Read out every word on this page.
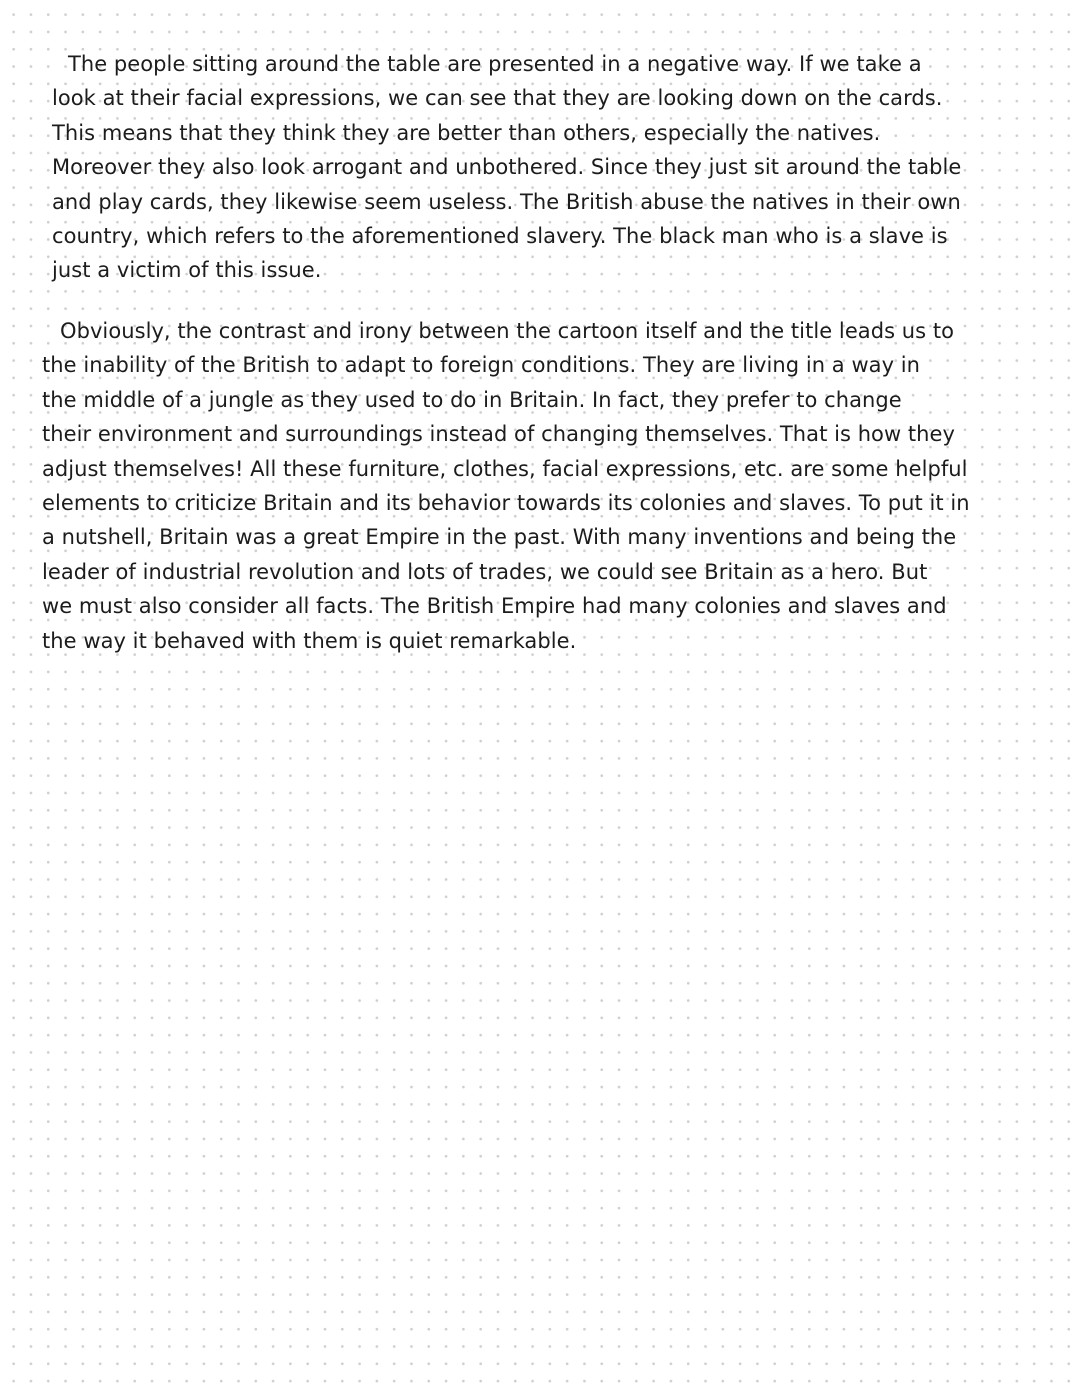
The people sitting around the table are presented in a negative way. If we take a
look at their facial expressions, we can see that they are looking down on the cards.
This means that they think they are better than others, especially the natives.
Moreover they also look arrogant and unbothered. Since they just sit around the table
and play cards, they likewise seem useless. The British abuse the natives in their own
country, which refers to the aforementioned slavery. The black man who is a slave is
just a victim of this issue.
Obviously, the contrast and irony between the cartoon itself and the title leads us to
the inability of the British to adapt to foreign conditions. They are living in a way in
the middle of a jungle as they used to do in Britain. In fact, they prefer to change
their environment and surroundings instead of changing themselves. That is how they
adjust themselves! All these furniture, clothes, facial expressions, etc. are some helpful
elements to criticize Britain and its behavior towards its colonies and slaves. To put it in
a nutshell, Britain was a great Empire in the past. With many inventions and being the
leader of industrial revolution and lots of trades, we could see Britain as a hero. But
we must also consider all facts. The British Empire had many colonies and slaves and
the way it behaved with them is quiet remarkable.
